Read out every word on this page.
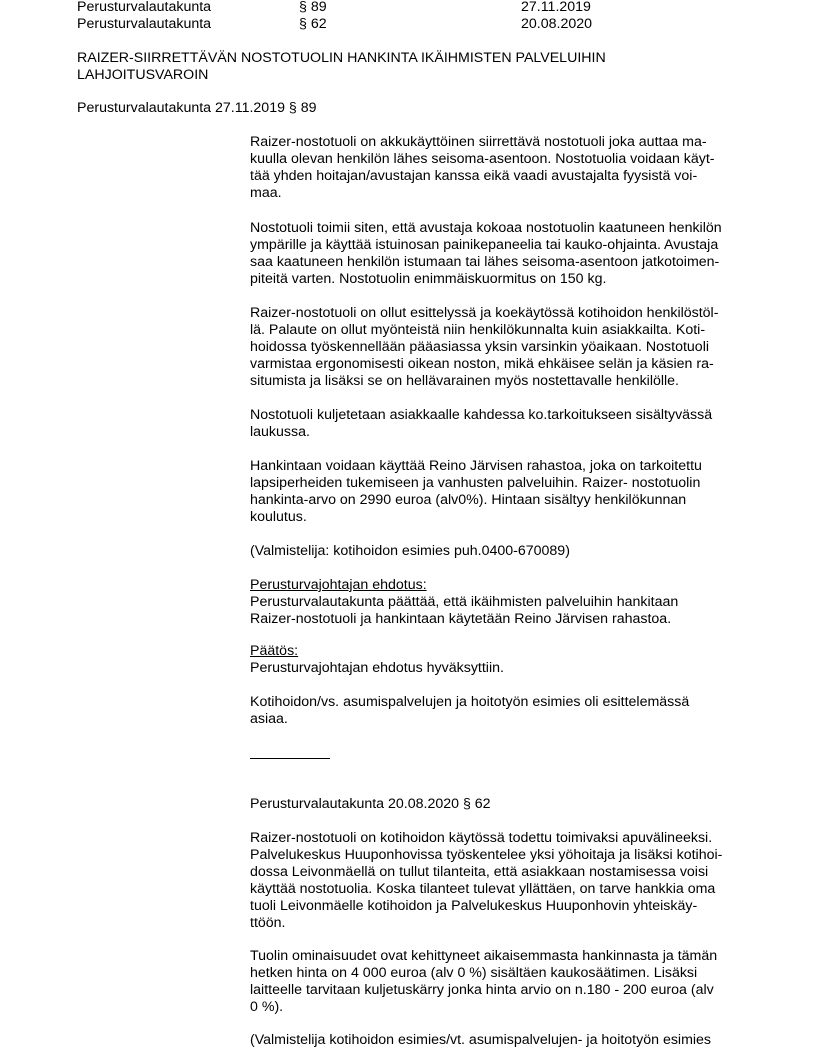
Perusturvalautakunta	§ 89	27.11.2019
Perusturvalautakunta	§ 62	20.08.2020
RAIZER-SIIRRETTÄVÄN NOSTOTUOLIN HANKINTA IKÄIHMISTEN PALVELUIHIN
LAHJOITUSVAROIN
Perusturvalautakunta 27.11.2019 § 89

Raizer-nostotuoli on akkukäyttöinen siirrettävä nostotuoli joka auttaa ma-
kuulla olevan henkilön lähes seisoma-asentoon. Nostotuolia voidaan käyt-
tää yhden hoitajan/avustajan kanssa eikä vaadi avustajalta fyysistä voi-
maa.

Nostotuoli toimii siten, että avustaja kokoaa nostotuolin kaatuneen henkilön
ympärille ja käyttää istuinosan painikepaneelia tai kauko-ohjainta. Avustaja
saa kaatuneen henkilön istumaan tai lähes seisoma-asentoon jatkotoimen-
piteitä varten. Nostotuolin enimmäiskuormitus on 150 kg.

Raizer-nostotuoli on ollut esittelyssä ja koekäytössä kotihoidon henkilöstöl-
lä. Palaute on ollut myönteistä niin henkilökunnalta kuin asiakkailta. Koti-
hoidossa työskennellään pääasiassa yksin varsinkin yöaikaan. Nostotuoli
varmistaa ergonomisesti oikean noston, mikä ehkäisee selän ja käsien ra-
situmista ja lisäksi se on hellävarainen myös nostettavalle henkilölle.

Nostotuoli kuljetetaan asiakkaalle kahdessa ko.tarkoitukseen sisältyvässä
laukussa.

Hankintaan voidaan käyttää Reino Järvisen rahastoa, joka on tarkoitettu
lapsiperheiden tukemiseen ja vanhusten palveluihin. Raizer- nostotuolin
hankinta-arvo on 2990 euroa (alv0%). Hintaan sisältyy henkilökunnan
koulutus.

(Valmistelija: kotihoidon esimies puh.0400-670089)
Perusturvajohtajan ehdotus:
Perusturvalautakunta päättää, että ikäihmisten palveluihin hankitaan
Raizer-nostotuoli ja hankintaan käytetään Reino Järvisen rahastoa.
Päätös:
Perusturvajohtajan ehdotus hyväksyttiin.
Kotihoidon/vs. asumispalvelujen ja hoitotyön esimies oli esittelemässä
asiaa.
Perusturvalautakunta 20.08.2020 § 62

Raizer-nostotuoli on kotihoidon käytössä todettu toimivaksi apuvälineeksi.
Palvelukeskus Huuponhovissa työskentelee yksi yöhoitaja ja lisäksi kotihoi-
dossa Leivonmäellä on tullut tilanteita, että asiakkaan nostamisessa voisi
käyttää nostotuolia. Koska tilanteet tulevat yllättäen, on tarve hankkia oma
tuoli Leivonmäelle kotihoidon ja Palvelukeskus Huuponhovin yhteiskäy-
ttöön.

Tuolin ominaisuudet ovat kehittyneet aikaisemmasta hankinnasta ja tämän
hetken hinta on 4 000 euroa (alv 0 %) sisältäen kaukosäätimen. Lisäksi
laitteelle tarvitaan kuljetuskärry jonka hinta arvio on n.180 - 200 euroa (alv
0 %).

(Valmistelija kotihoidon esimies/vt. asumispalvelujen- ja hoitotyön esimies
